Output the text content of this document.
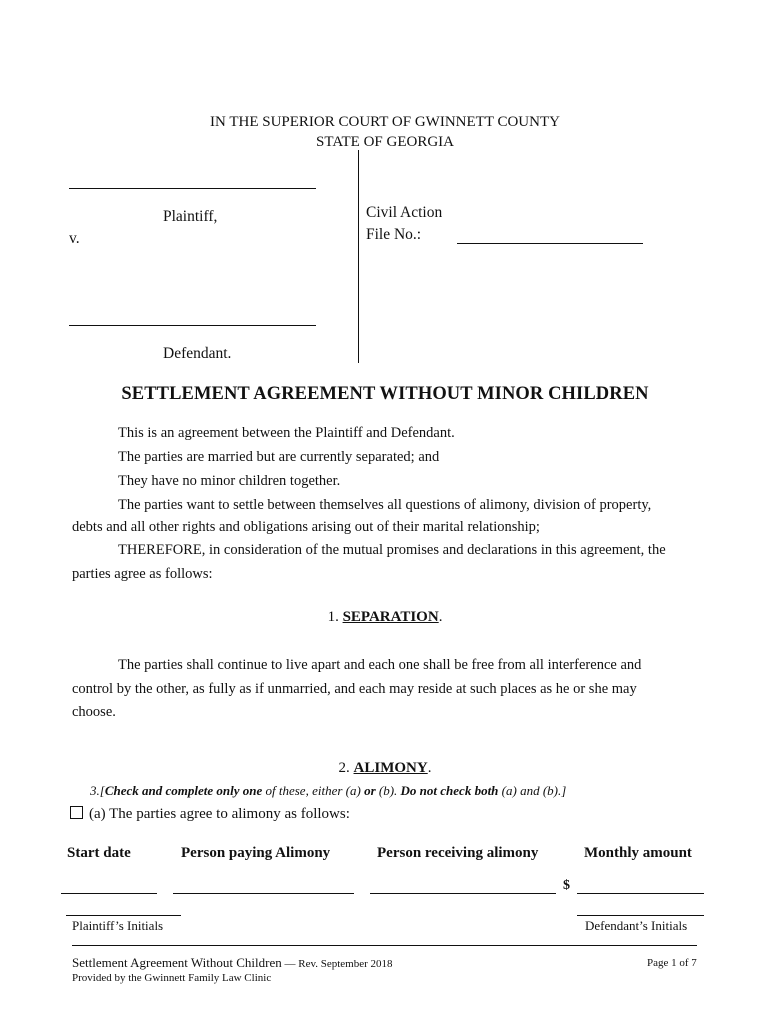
IN THE SUPERIOR COURT OF GWINNETT COUNTY
STATE OF GEORGIA
Plaintiff,
v.
Defendant.
Civil Action
File No.:
SETTLEMENT AGREEMENT WITHOUT MINOR CHILDREN
This is an agreement between the Plaintiff and Defendant.
The parties are married but are currently separated; and
They have no minor children together.
The parties want to settle between themselves all questions of alimony, division of property,
debts and all other rights and obligations arising out of their marital relationship;
THEREFORE, in consideration of the mutual promises and declarations in this agreement, the
parties agree as follows:
1. SEPARATION.
The parties shall continue to live apart and each one shall be free from all interference and
control by the other, as fully as if unmarried, and each may reside at such places as he or she may
choose.
2. ALIMONY.
3.[Check and complete only one of these, either (a) or (b). Do not check both (a) and (b).]
(a) The parties agree to alimony as follows:
Start date	Person paying Alimony	Person receiving alimony	Monthly amount
$
Plaintiff’s Initials	Defendant’s Initials
Settlement Agreement Without Children — Rev. September 2018	Page 1 of 7
Provided by the Gwinnett Family Law Clinic
